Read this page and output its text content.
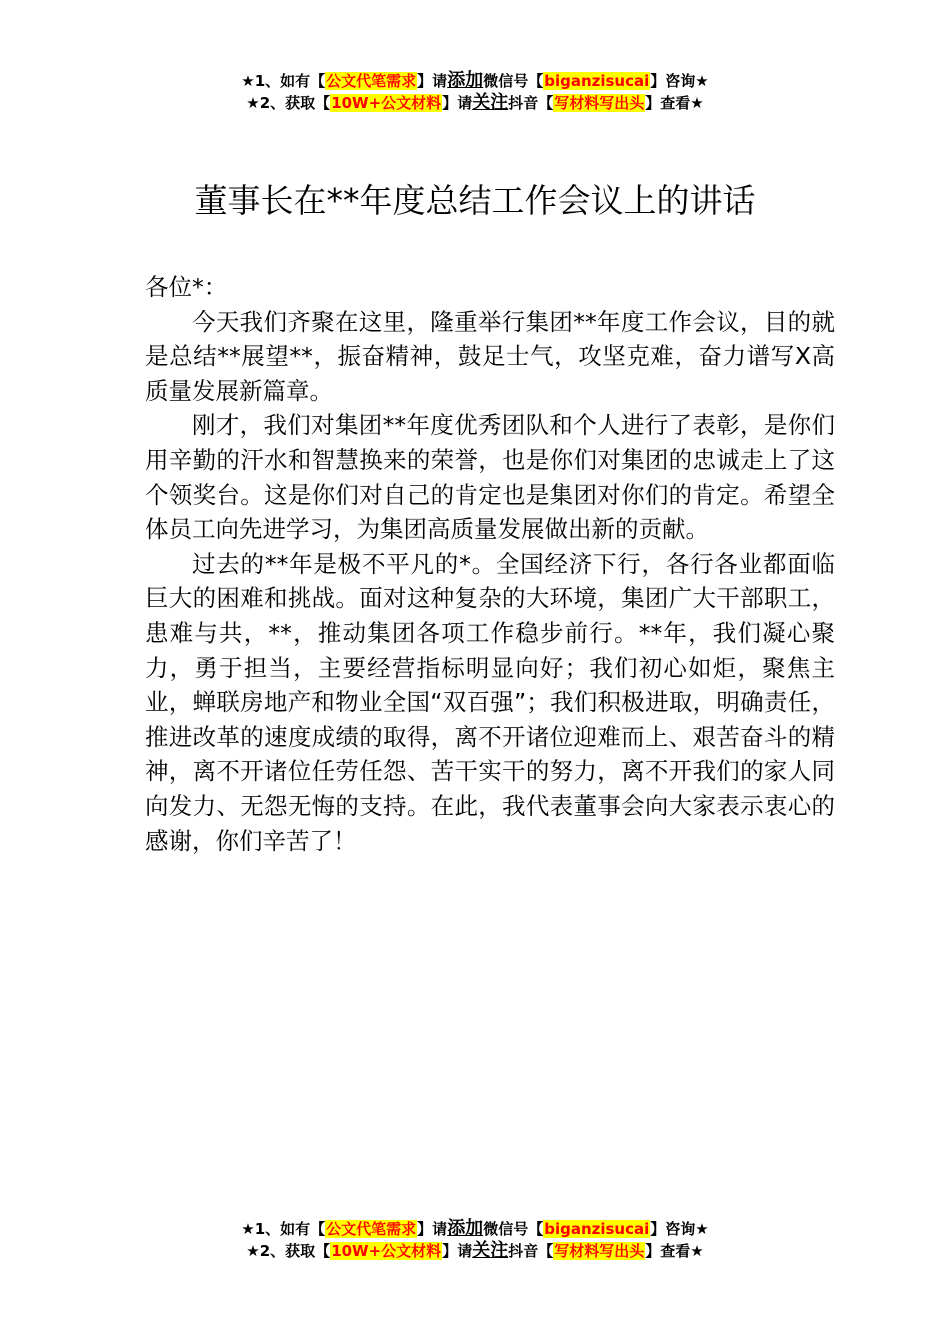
★1、如有【公文代笔需求】请添加微信号【biganzisucai】咨询★
★2、获取【10W+公文材料】请关注抖音【写材料写出头】查看★
董事长在**年度总结工作会议上的讲话

各位*：

今天我们齐聚在这里，隆重举行集团**年度工作会议，目的就是总结**展望**，振奋精神，鼓足士气，攻坚克难，奋力谱写X高质量发展新篇章。

刚才，我们对集团**年度优秀团队和个人进行了表彰，是你们用辛勤的汗水和智慧换来的荣誉，也是你们对集团的忠诚走上了这个领奖台。这是你们对自己的肯定也是集团对你们的肯定。希望全体员工向先进学习，为集团高质量发展做出新的贡献。

过去的**年是极不平凡的*。全国经济下行，各行各业都面临巨大的困难和挑战。面对这种复杂的大环境，集团广大干部职工，患难与共，**，推动集团各项工作稳步前行。**年，我们凝心聚力，勇于担当，主要经营指标明显向好；我们初心如炬，聚焦主业，蝉联房地产和物业全国“双百强”；我们积极进取，明确责任，推进改革的速度成绩的取得，离不开诸位迎难而上、艰苦奋斗的精神，离不开诸位任劳任怨、苦干实干的努力，离不开我们的家人同向发力、无怨无悔的支持。在此，我代表董事会向大家表示衷心的感谢，你们辛苦了！

★1、如有【公文代笔需求】请添加微信号【biganzisucai】咨询★
★2、获取【10W+公文材料】请关注抖音【写材料写出头】查看★
